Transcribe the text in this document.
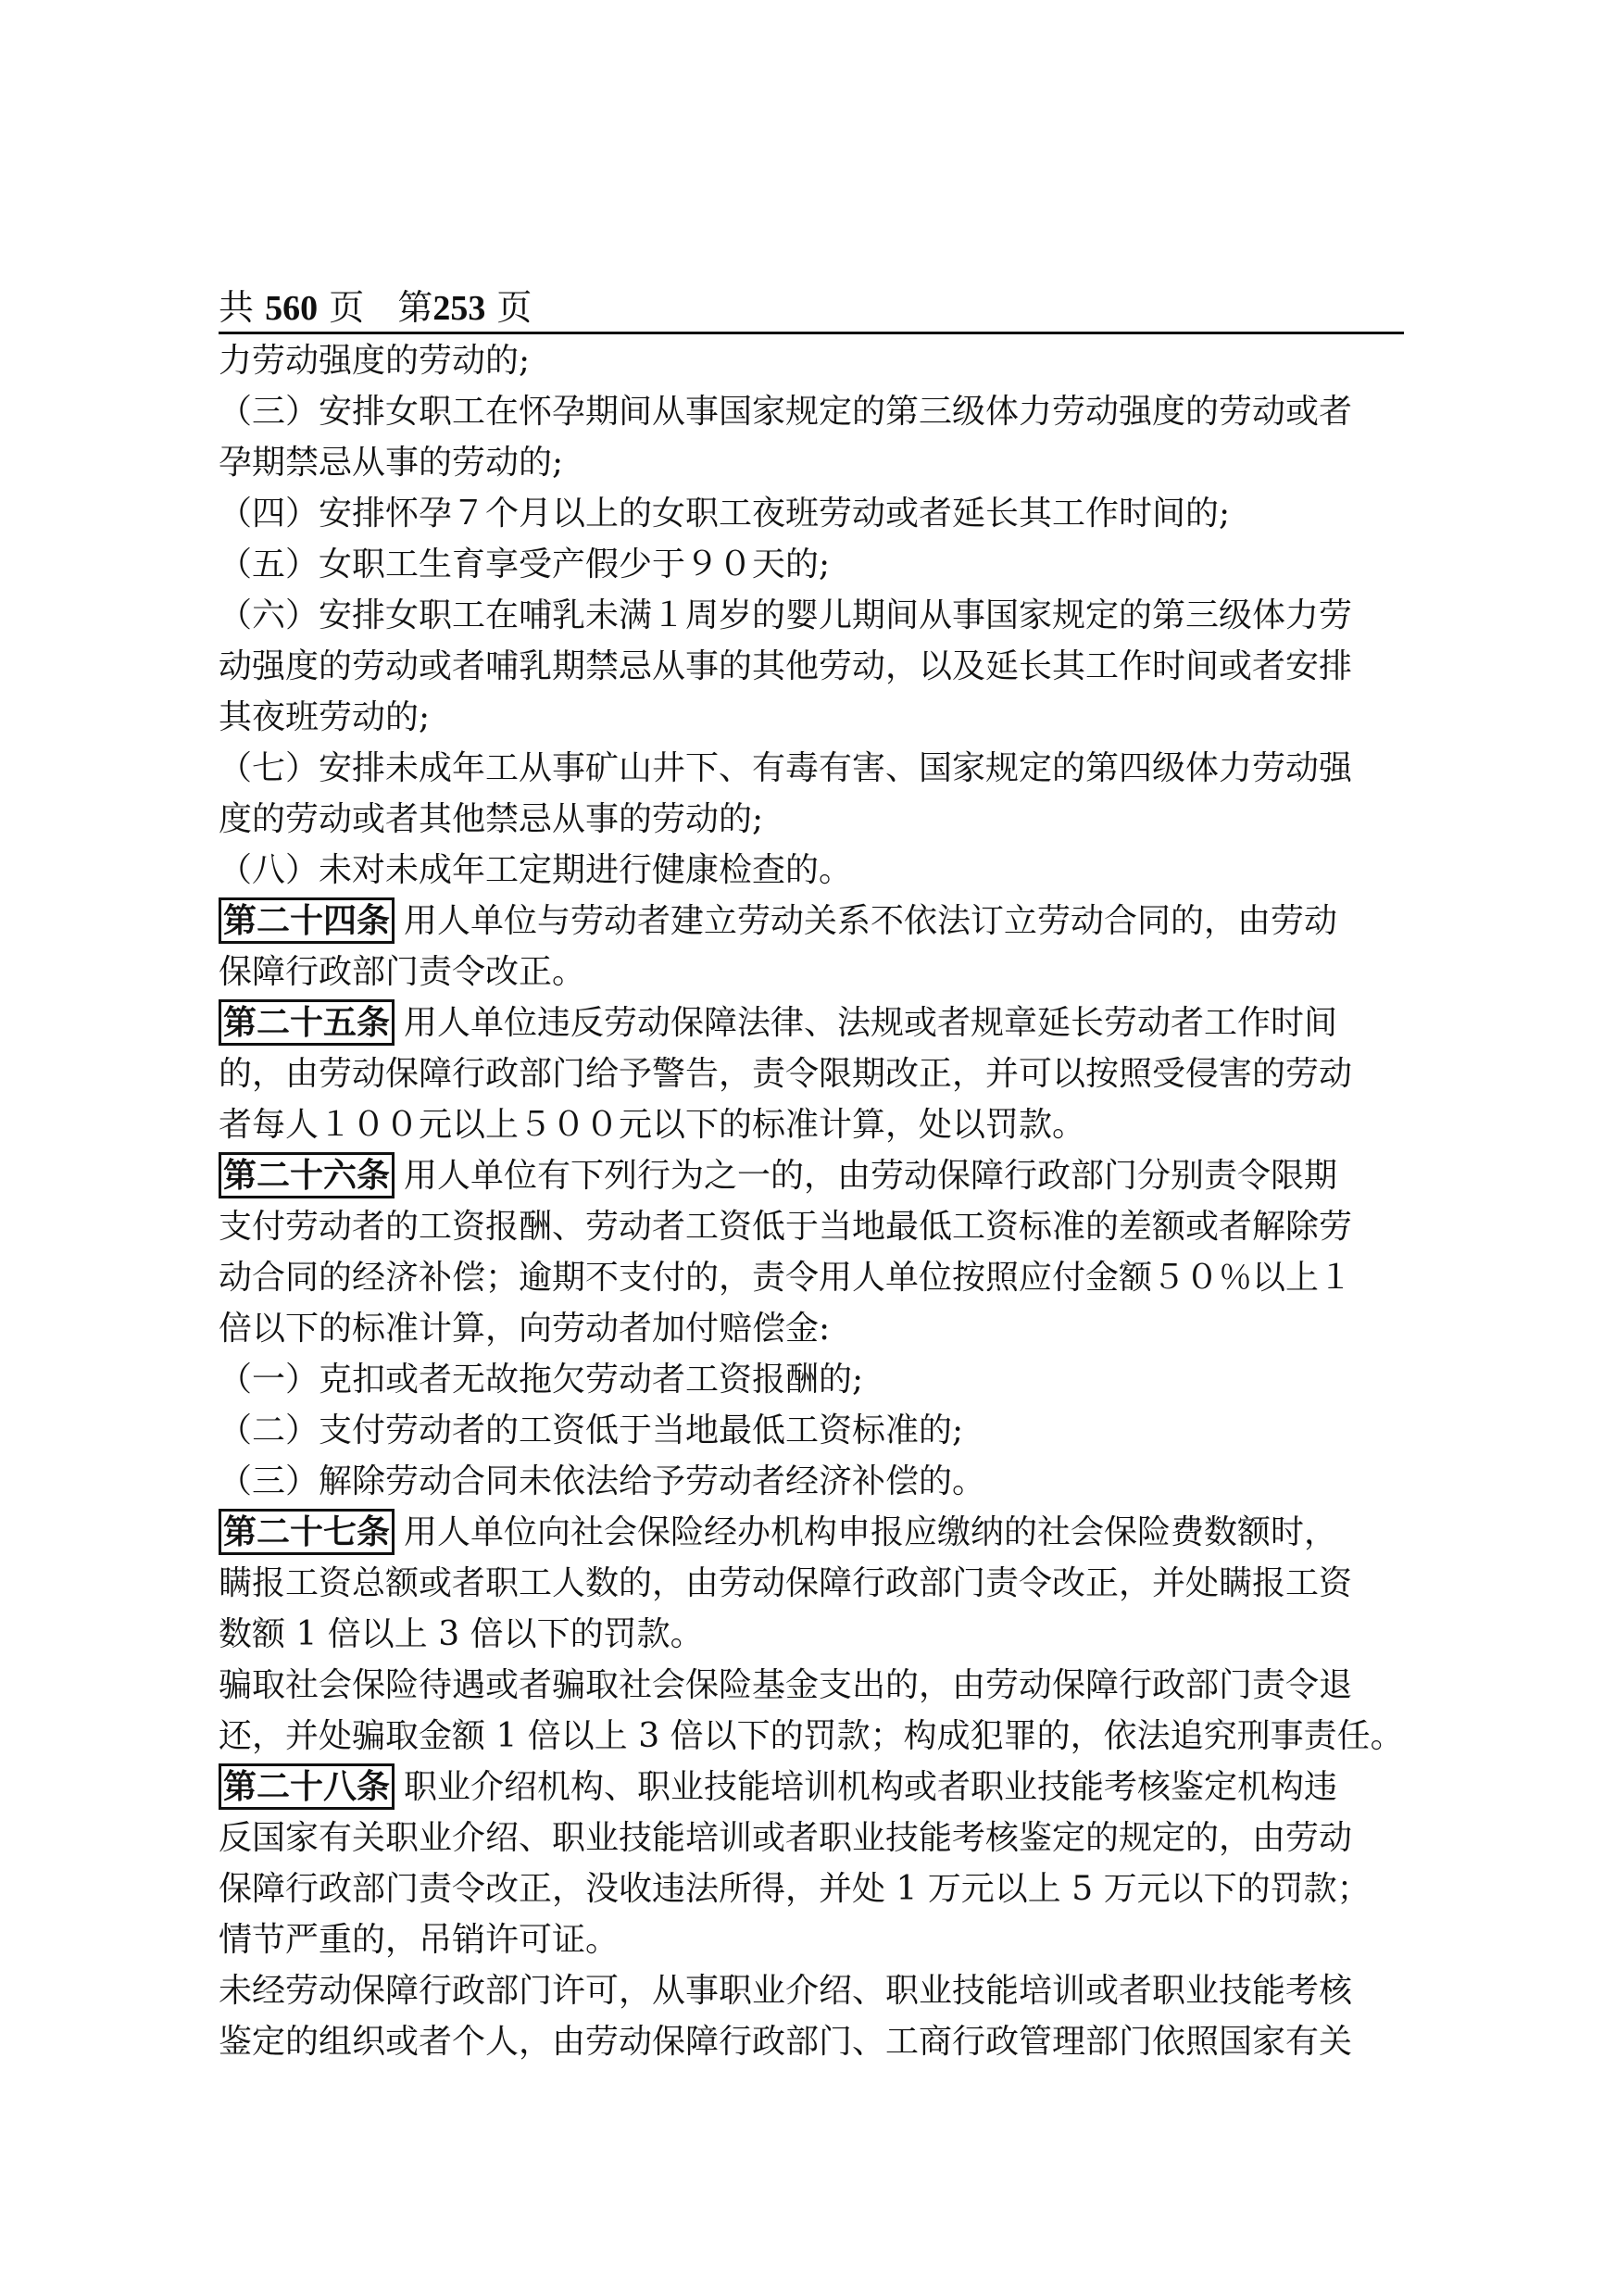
共 560 页 第253 页
力劳动强度的劳动的;
（三）安排女职工在怀孕期间从事国家规定的第三级体力劳动强度的劳动或者
孕期禁忌从事的劳动的;
（四）安排怀孕７个月以上的女职工夜班劳动或者延长其工作时间的;
（五）女职工生育享受产假少于９０天的;
（六）安排女职工在哺乳未满１周岁的婴儿期间从事国家规定的第三级体力劳
动强度的劳动或者哺乳期禁忌从事的其他劳动，以及延长其工作时间或者安排
其夜班劳动的;
（七）安排未成年工从事矿山井下、有毒有害、国家规定的第四级体力劳动强
度的劳动或者其他禁忌从事的劳动的;
（八）未对未成年工定期进行健康检查的。
第二十四条 用人单位与劳动者建立劳动关系不依法订立劳动合同的，由劳动
保障行政部门责令改正。
第二十五条 用人单位违反劳动保障法律、法规或者规章延长劳动者工作时间
的，由劳动保障行政部门给予警告，责令限期改正，并可以按照受侵害的劳动
者每人１００元以上５００元以下的标准计算，处以罚款。
第二十六条 用人单位有下列行为之一的，由劳动保障行政部门分别责令限期
支付劳动者的工资报酬、劳动者工资低于当地最低工资标准的差额或者解除劳
动合同的经济补偿；逾期不支付的，责令用人单位按照应付金额５０％以上１
倍以下的标准计算，向劳动者加付赔偿金:
（一）克扣或者无故拖欠劳动者工资报酬的;
（二）支付劳动者的工资低于当地最低工资标准的;
（三）解除劳动合同未依法给予劳动者经济补偿的。
第二十七条 用人单位向社会保险经办机构申报应缴纳的社会保险费数额时，
瞒报工资总额或者职工人数的，由劳动保障行政部门责令改正，并处瞒报工资
数额 1 倍以上 3 倍以下的罚款。
骗取社会保险待遇或者骗取社会保险基金支出的，由劳动保障行政部门责令退
还，并处骗取金额 1 倍以上 3 倍以下的罚款；构成犯罪的，依法追究刑事责任。
第二十八条 职业介绍机构、职业技能培训机构或者职业技能考核鉴定机构违
反国家有关职业介绍、职业技能培训或者职业技能考核鉴定的规定的，由劳动
保障行政部门责令改正，没收违法所得，并处 1 万元以上 5 万元以下的罚款；
情节严重的，吊销许可证。
未经劳动保障行政部门许可，从事职业介绍、职业技能培训或者职业技能考核
鉴定的组织或者个人，由劳动保障行政部门、工商行政管理部门依照国家有关
